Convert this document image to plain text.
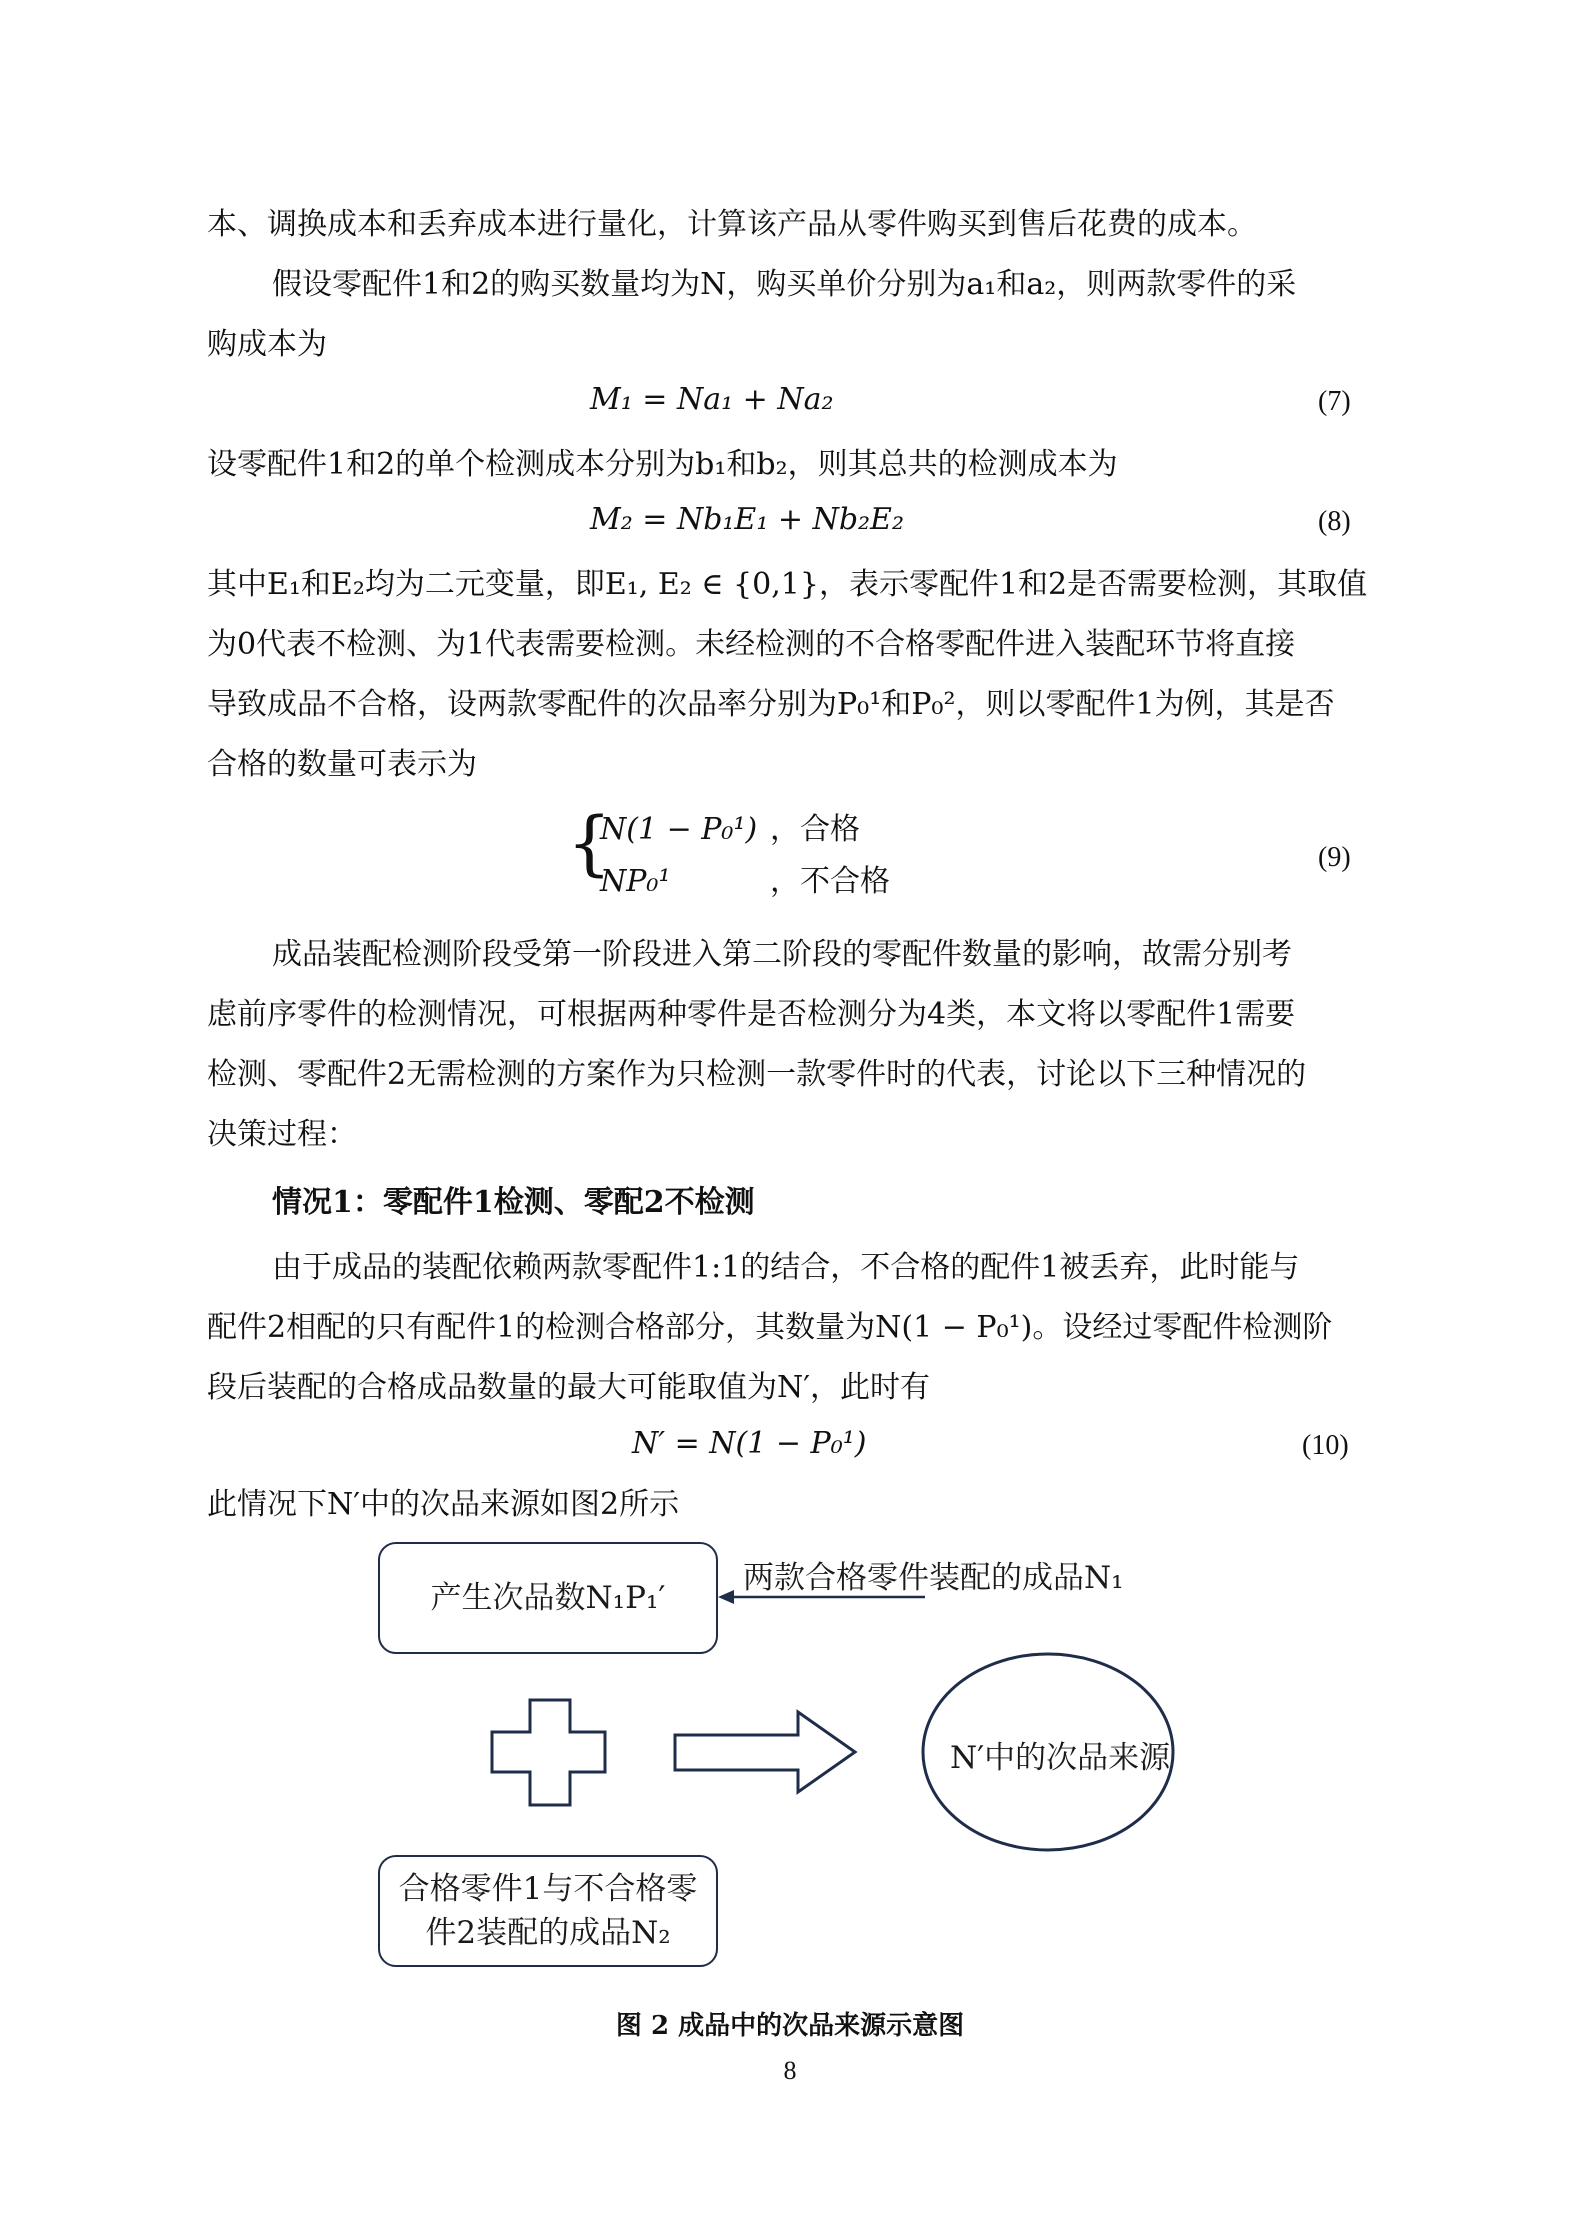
本、调换成本和丢弃成本进行量化，计算该产品从零件购买到售后花费的成本。
假设零配件1和2的购买数量均为N，购买单价分别为a₁和a₂，则两款零件的采
购成本为
M₁ = Na₁ + Na₂	(7)
设零配件1和2的单个检测成本分别为b₁和b₂，则其总共的检测成本为
M₂ = Nb₁E₁ + Nb₂E₂	(8)
其中E₁和E₂均为二元变量，即E₁, E₂ ∈ {0,1}，表示零配件1和2是否需要检测，其取值
为0代表不检测、为1代表需要检测。未经检测的不合格零配件进入装配环节将直接
导致成品不合格，设两款零配件的次品率分别为P₀¹和P₀²，则以零配件1为例，其是否
合格的数量可表示为
{
N(1 − P₀¹) ，合格
NP₀¹	，不合格
(9)
成品装配检测阶段受第一阶段进入第二阶段的零配件数量的影响，故需分别考
虑前序零件的检测情况，可根据两种零件是否检测分为4类，本文将以零配件1需要
检测、零配件2无需检测的方案作为只检测一款零件时的代表，讨论以下三种情况的
决策过程：
情况1：零配件1检测、零配2不检测
由于成品的装配依赖两款零配件1:1的结合，不合格的配件1被丢弃，此时能与
配件2相配的只有配件1的检测合格部分，其数量为N(1 − P₀¹)。设经过零配件检测阶
段后装配的合格成品数量的最大可能取值为N′，此时有
N′ = N(1 − P₀¹)	(10)
此情况下N′中的次品来源如图2所示
产生次品数N₁P₁′
两款合格零件装配的成品N₁
N′中的次品来源
合格零件1与不合格零
件2装配的成品N₂
图 2 成品中的次品来源示意图
8
